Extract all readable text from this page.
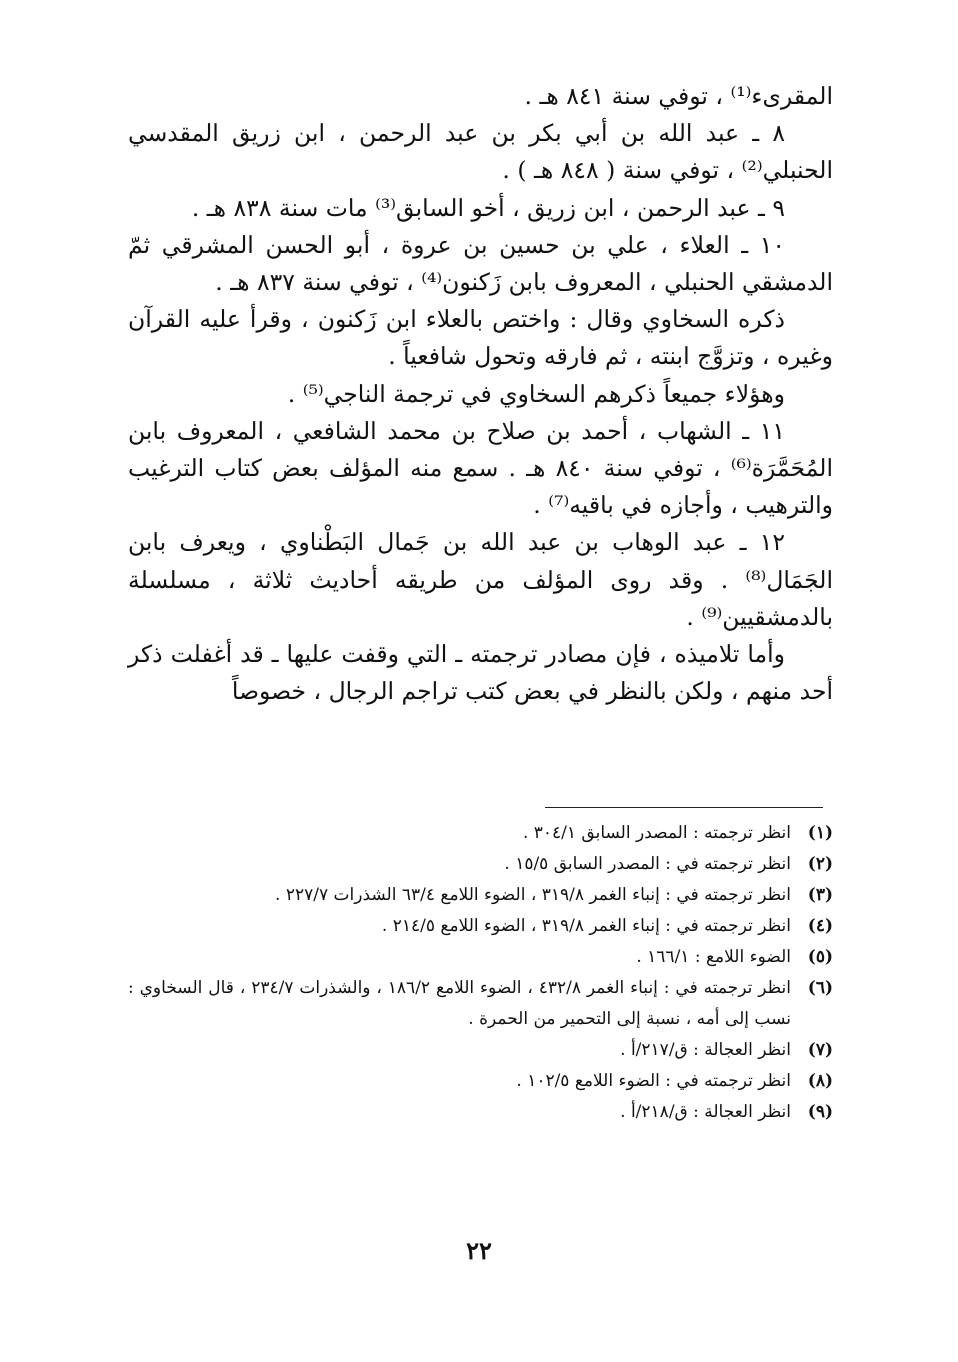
المقرىء⁽¹⁾ ، توفي سنة ٨٤١ هـ .

٨ ـ عبد الله بن أبي بكر بن عبد الرحمن ، ابن زريق المقدسي الحنبلي⁽²⁾ ، توفي سنة ( ٨٤٨ هـ ) .

٩ ـ عبد الرحمن ، ابن زريق ، أخو السابق⁽³⁾ مات سنة ٨٣٨ هـ .

١٠ ـ العلاء ، علي بن حسين بن عروة ، أبو الحسن المشرقي ثمّ الدمشقي الحنبلي ، المعروف بابن زَكنون⁽⁴⁾ ، توفي سنة ٨٣٧ هـ .

ذكره السخاوي وقال : واختص بالعلاء ابن زَكنون ، وقرأ عليه القرآن وغيره ، وتزوَّج ابنته ، ثم فارقه وتحول شافعياً .

وهؤلاء جميعاً ذكرهم السخاوي في ترجمة الناجي⁽⁵⁾ .

١١ ـ الشهاب ، أحمد بن صلاح بن محمد الشافعي ، المعروف بابن المُحَمَّرَة⁽⁶⁾ ، توفي سنة ٨٤٠ هـ . سمع منه المؤلف بعض كتاب الترغيب والترهيب ، وأجازه في باقيه⁽⁷⁾ .

١٢ ـ عبد الوهاب بن عبد الله بن جَمال البَطْناوي ، ويعرف بابن الجَمَال⁽⁸⁾ . وقد روى المؤلف من طريقه أحاديث ثلاثة ، مسلسلة بالدمشقيين⁽⁹⁾ .

وأما تلاميذه ، فإن مصادر ترجمته ـ التي وقفت عليها ـ قد أغفلت ذكر أحد منهم ، ولكن بالنظر في بعض كتب تراجم الرجال ، خصوصاً

(١)
انظر ترجمته : المصدر السابق ٣٠٤/١ .
(٢)
انظر ترجمته في : المصدر السابق ١٥/٥ .
(٣)
انظر ترجمته في : إنباء الغمر ٣١٩/٨ ، الضوء اللامع ٦٣/٤ الشذرات ٢٢٧/٧ .
(٤)
انظر ترجمته في : إنباء الغمر ٣١٩/٨ ، الضوء اللامع ٢١٤/٥ .
(٥)
الضوء اللامع : ١٦٦/١ .
(٦)
انظر ترجمته في : إنباء الغمر ٤٣٢/٨ ، الضوء اللامع ١٨٦/٢ ، والشذرات ٢٣٤/٧ ، قال السخاوي : نسب إلى أمه ، نسبة إلى التحمير من الحمرة .
(٧)
انظر العجالة : ق/٢١٧/أ .
(٨)
انظر ترجمته في : الضوء اللامع ١٠٢/٥ .
(٩)
انظر العجالة : ق/٢١٨/أ .
٢٢
